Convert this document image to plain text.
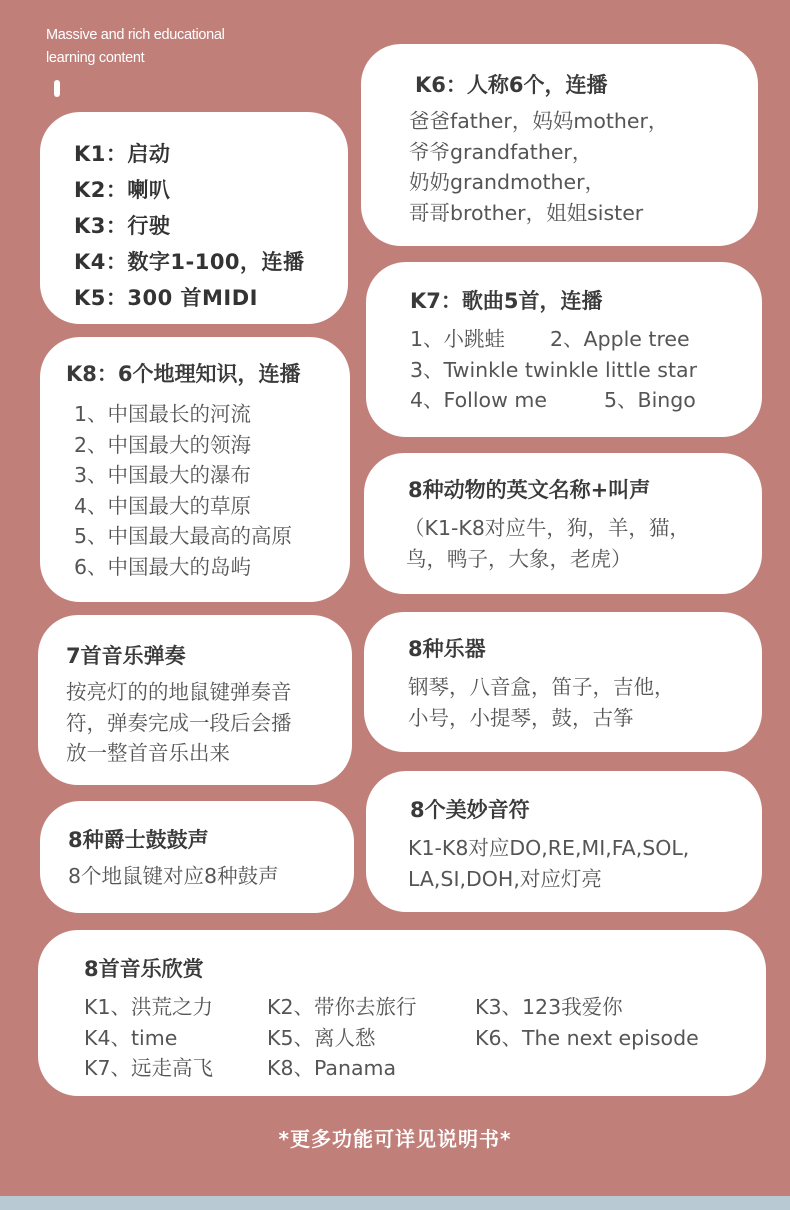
Massive and rich educational
learning content
K1：启动
K2：喇叭
K3：行驶
K4：数字1-100，连播
K5：300 首MIDI
K6：人称6个，连播
爸爸father，妈妈mother，
爷爷grandfather，
奶奶grandmother，
哥哥brother，姐姐sister
K7：歌曲5首，连播
1、小跳蛙	2、Apple tree
3、Twinkle twinkle little star
4、Follow me	5、Bingo
K8：6个地理知识，连播
1、中国最长的河流
2、中国最大的领海
3、中国最大的瀑布
4、中国最大的草原
5、中国最大最高的高原
6、中国最大的岛屿
8种动物的英文名称+叫声
（K1-K8对应牛，狗，羊，猫，
鸟，鸭子，大象，老虎）
7首音乐弹奏
按亮灯的的地鼠键弹奏音
符，弹奏完成一段后会播
放一整首音乐出来
8种乐器
钢琴，八音盒，笛子，吉他，
小号，小提琴，鼓，古筝
8种爵士鼓鼓声
8个地鼠键对应8种鼓声
8个美妙音符
K1-K8对应DO,RE,MI,FA,SOL,
LA,SI,DOH,对应灯亮
8首音乐欣赏
K1、洪荒之力	K2、带你去旅行	K3、123我爱你
K4、time	K5、离人愁	K6、The next episode
K7、远走高飞	K8、Panama
*更多功能可详见说明书*
